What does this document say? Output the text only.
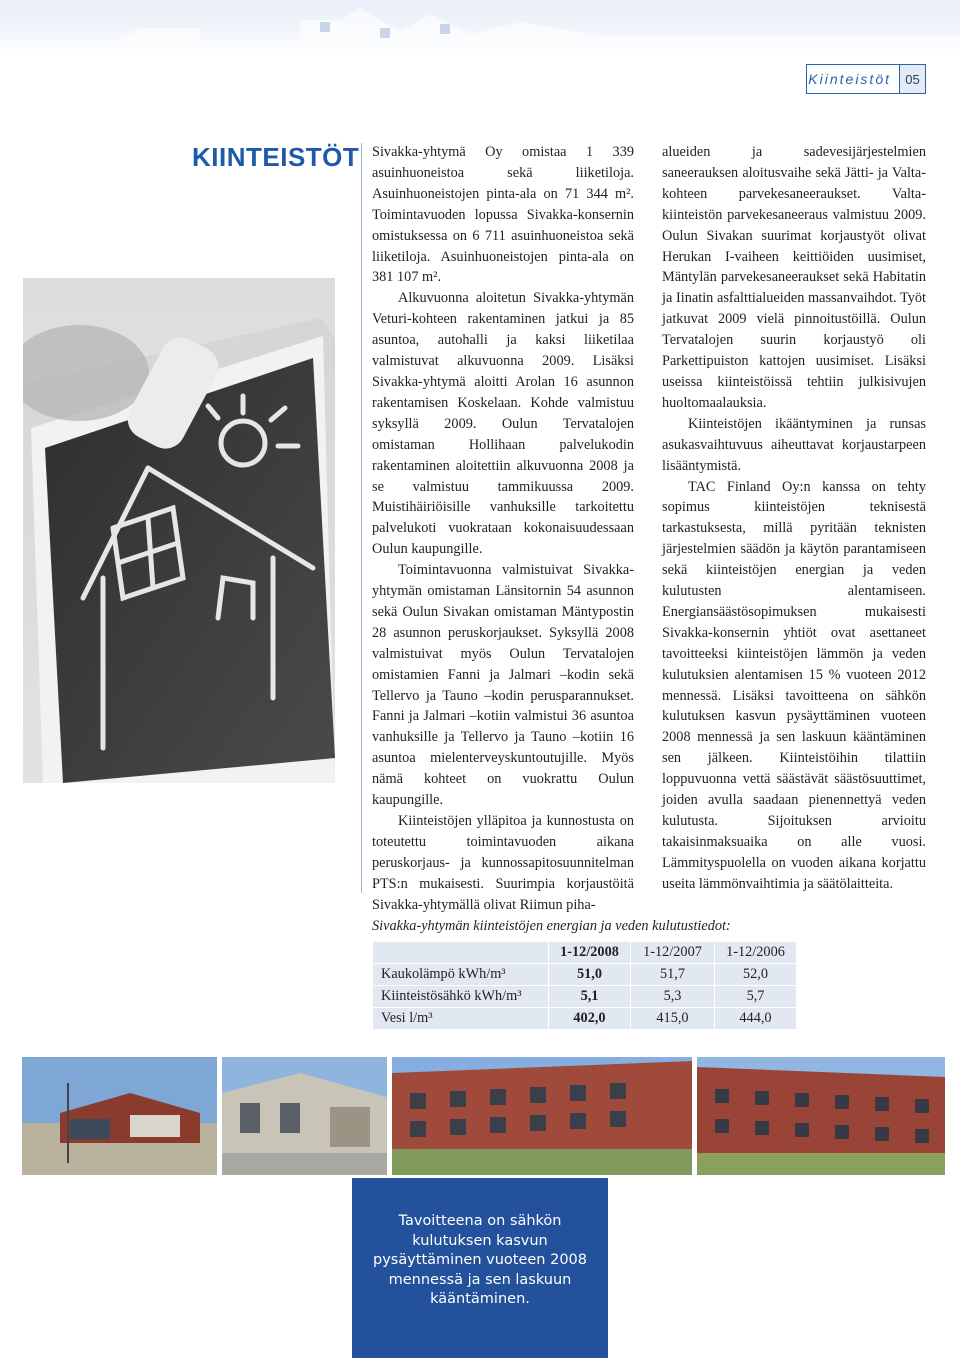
Kiinteistöt	05
KIINTEISTÖT Sivakka-yhtymä Oy omistaa 1 339 asuinhuoneistoa sekä liiketiloja. Asuinhuoneistojen pinta-ala on 71 344 m². Toimintavuoden lopussa Sivakka-konsernin omistuksessa on 6 711 asuinhuoneistoa sekä liiketiloja. Asuinhuoneistojen pinta-ala on 381 107 m².

Alkuvuonna aloitetun Sivakka-yhtymän Veturi-kohteen rakentaminen jatkui ja 85 asuntoa, autohalli ja kaksi liiketilaa valmistuvat alkuvuonna 2009. Lisäksi Sivakka-yhtymä aloitti Arolan 16 asunnon rakentamisen Koskelaan. Kohde valmistuu syksyllä 2009. Oulun Tervatalojen omistaman Hollihaan palvelukodin rakentaminen aloitettiin alkuvuonna 2008 ja se valmistuu tammikuussa 2009. Muistihäiriöisille vanhuksille tarkoitettu palvelukoti vuokrataan kokonaisuudessaan Oulun kaupungille.

Toimintavuonna valmistuivat Sivakka-yhtymän omistaman Länsitornin 54 asunnon sekä Oulun Sivakan omistaman Mäntypostin 28 asunnon peruskorjaukset. Syksyllä 2008 valmistuivat myös Oulun Tervatalojen omistamien Fanni ja Jalmari –kodin sekä Tellervo ja Tauno –kodin perusparannukset. Fanni ja Jalmari –kotiin valmistui 36 asuntoa vanhuksille ja Tellervo ja Tauno –kotiin 16 asuntoa mielenterveyskuntoutujille. Myös nämä kohteet on vuokrattu Oulun kaupungille.

Kiinteistöjen ylläpitoa ja kunnostusta on toteutettu toimintavuoden aikana peruskorjaus- ja kunnossapitosuunnitelman PTS:n mukaisesti. Suurimpia korjaustöitä Sivakka-yhtymällä olivat Riimun piha-

alueiden ja sadevesijärjestelmien saneerauksen aloitusvaihe sekä Jätti- ja Valta-kohteen parvekesaneeraukset. Valta-kiinteistön parvekesaneeraus valmistuu 2009. Oulun Sivakan suurimat korjaustyöt olivat Herukan I-vaiheen keittiöiden uusimiset, Mäntylän parvekesaneeraukset sekä Habitatin ja Iinatin asfalttialueiden massanvaihdot. Työt jatkuvat 2009 vielä pinnoitustöillä. Oulun Tervatalojen suurin korjaustyö oli Parkettipuiston kattojen uusimiset. Lisäksi useissa kiinteistöissä tehtiin julkisivujen huoltomaalauksia.

Kiinteistöjen ikääntyminen ja runsas asukasvaihtuvuus aiheuttavat korjaustarpeen lisääntymistä.

TAC Finland Oy:n kanssa on tehty sopimus kiinteistöjen teknisestä tarkastuksesta, millä pyritään teknisten järjestelmien säädön ja käytön parantamiseen sekä kiinteistöjen energian ja veden kulutusten alentamiseen. Energiansäästösopimuksen mukaisesti Sivakka-konsernin yhtiöt ovat asettaneet tavoitteeksi kiinteistöjen lämmön ja veden kulutuksien alentamisen 15 % vuoteen 2012 mennessä. Lisäksi tavoitteena on sähkön kulutuksen kasvun pysäyttäminen vuoteen 2008 mennessä ja sen laskuun kääntäminen sen jälkeen. Kiinteistöihin tilattiin loppuvuonna vettä säästävät säästösuuttimet, joiden avulla saadaan pienennettyä veden kulutusta. Sijoituksen arvioitu takaisinmaksuaika on alle vuosi. Lämmityspuolella on vuoden aikana korjattu useita lämmönvaihtimia ja säätölaitteita.

Sivakka-yhtymän kiinteistöjen energian ja veden kulutustiedot:
	1-12/2008	1-12/2007	1-12/2006
Kaukolämpö kWh/m³	51,0	51,7	52,0
Kiinteistösähkö kWh/m³	5,1	5,3	5,7
Vesi l/m³	402,0	415,0	444,0

Tavoitteena on sähkön kulutuksen kasvun pysäyttäminen vuoteen 2008 mennessä ja sen laskuun kääntäminen.
